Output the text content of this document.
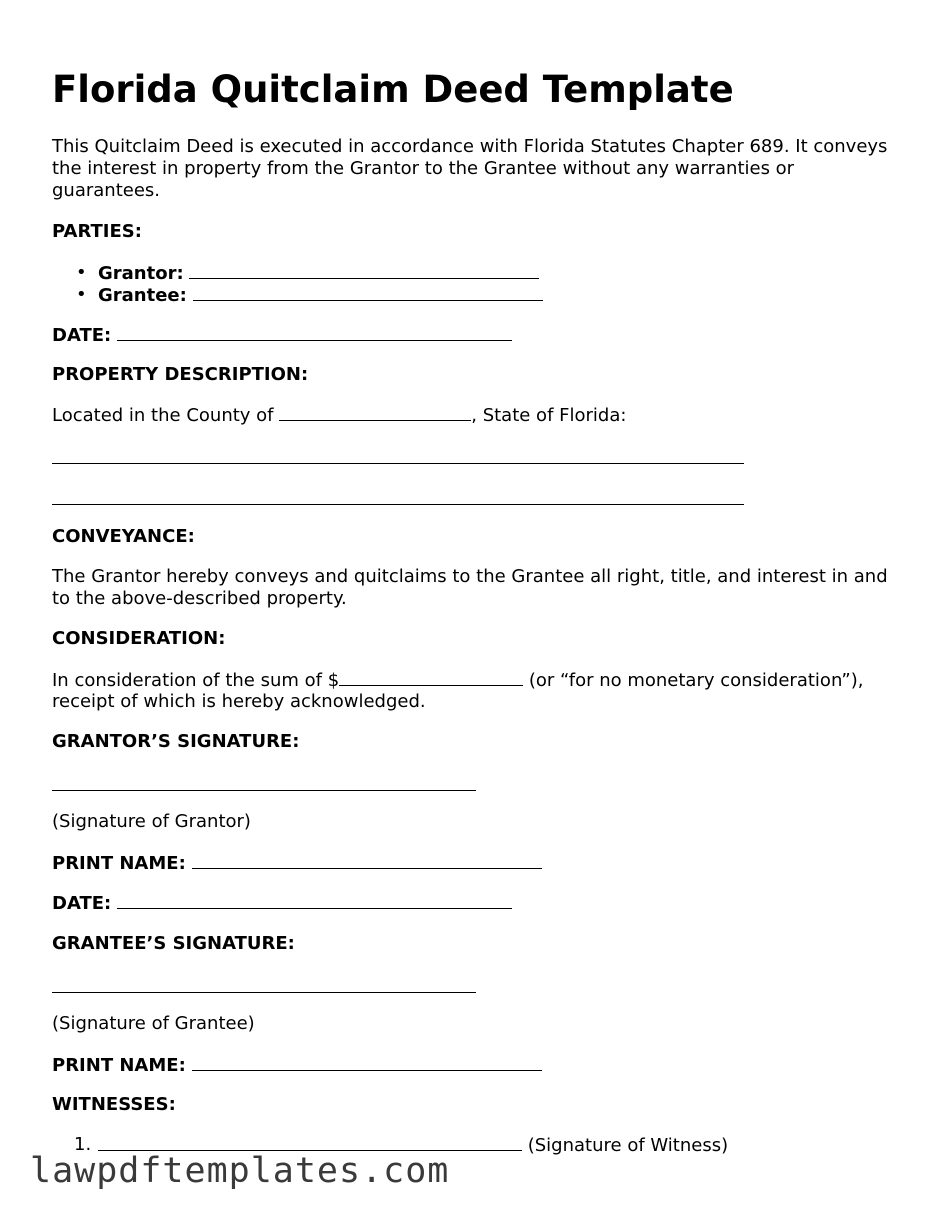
Florida Quitclaim Deed Template

This Quitclaim Deed is executed in accordance with Florida Statutes Chapter 689. It conveys the interest in property from the Grantor to the Grantee without any warranties or guarantees.

PARTIES:
• Grantor:
• Grantee:
DATE:
PROPERTY DESCRIPTION:
Located in the County of	, State of Florida:
CONVEYANCE:

The Grantor hereby conveys and quitclaims to the Grantee all right, title, and interest in and to the above-described property.

CONSIDERATION:
In consideration of the sum of $	(or “for no monetary consideration”),
receipt of which is hereby acknowledged.
GRANTOR’S SIGNATURE:
(Signature of Grantor)
PRINT NAME:
DATE:
GRANTEE’S SIGNATURE:
(Signature of Grantee)
PRINT NAME:
WITNESSES:
1.	(Signature of Witness)
lawpdftemplates.com
